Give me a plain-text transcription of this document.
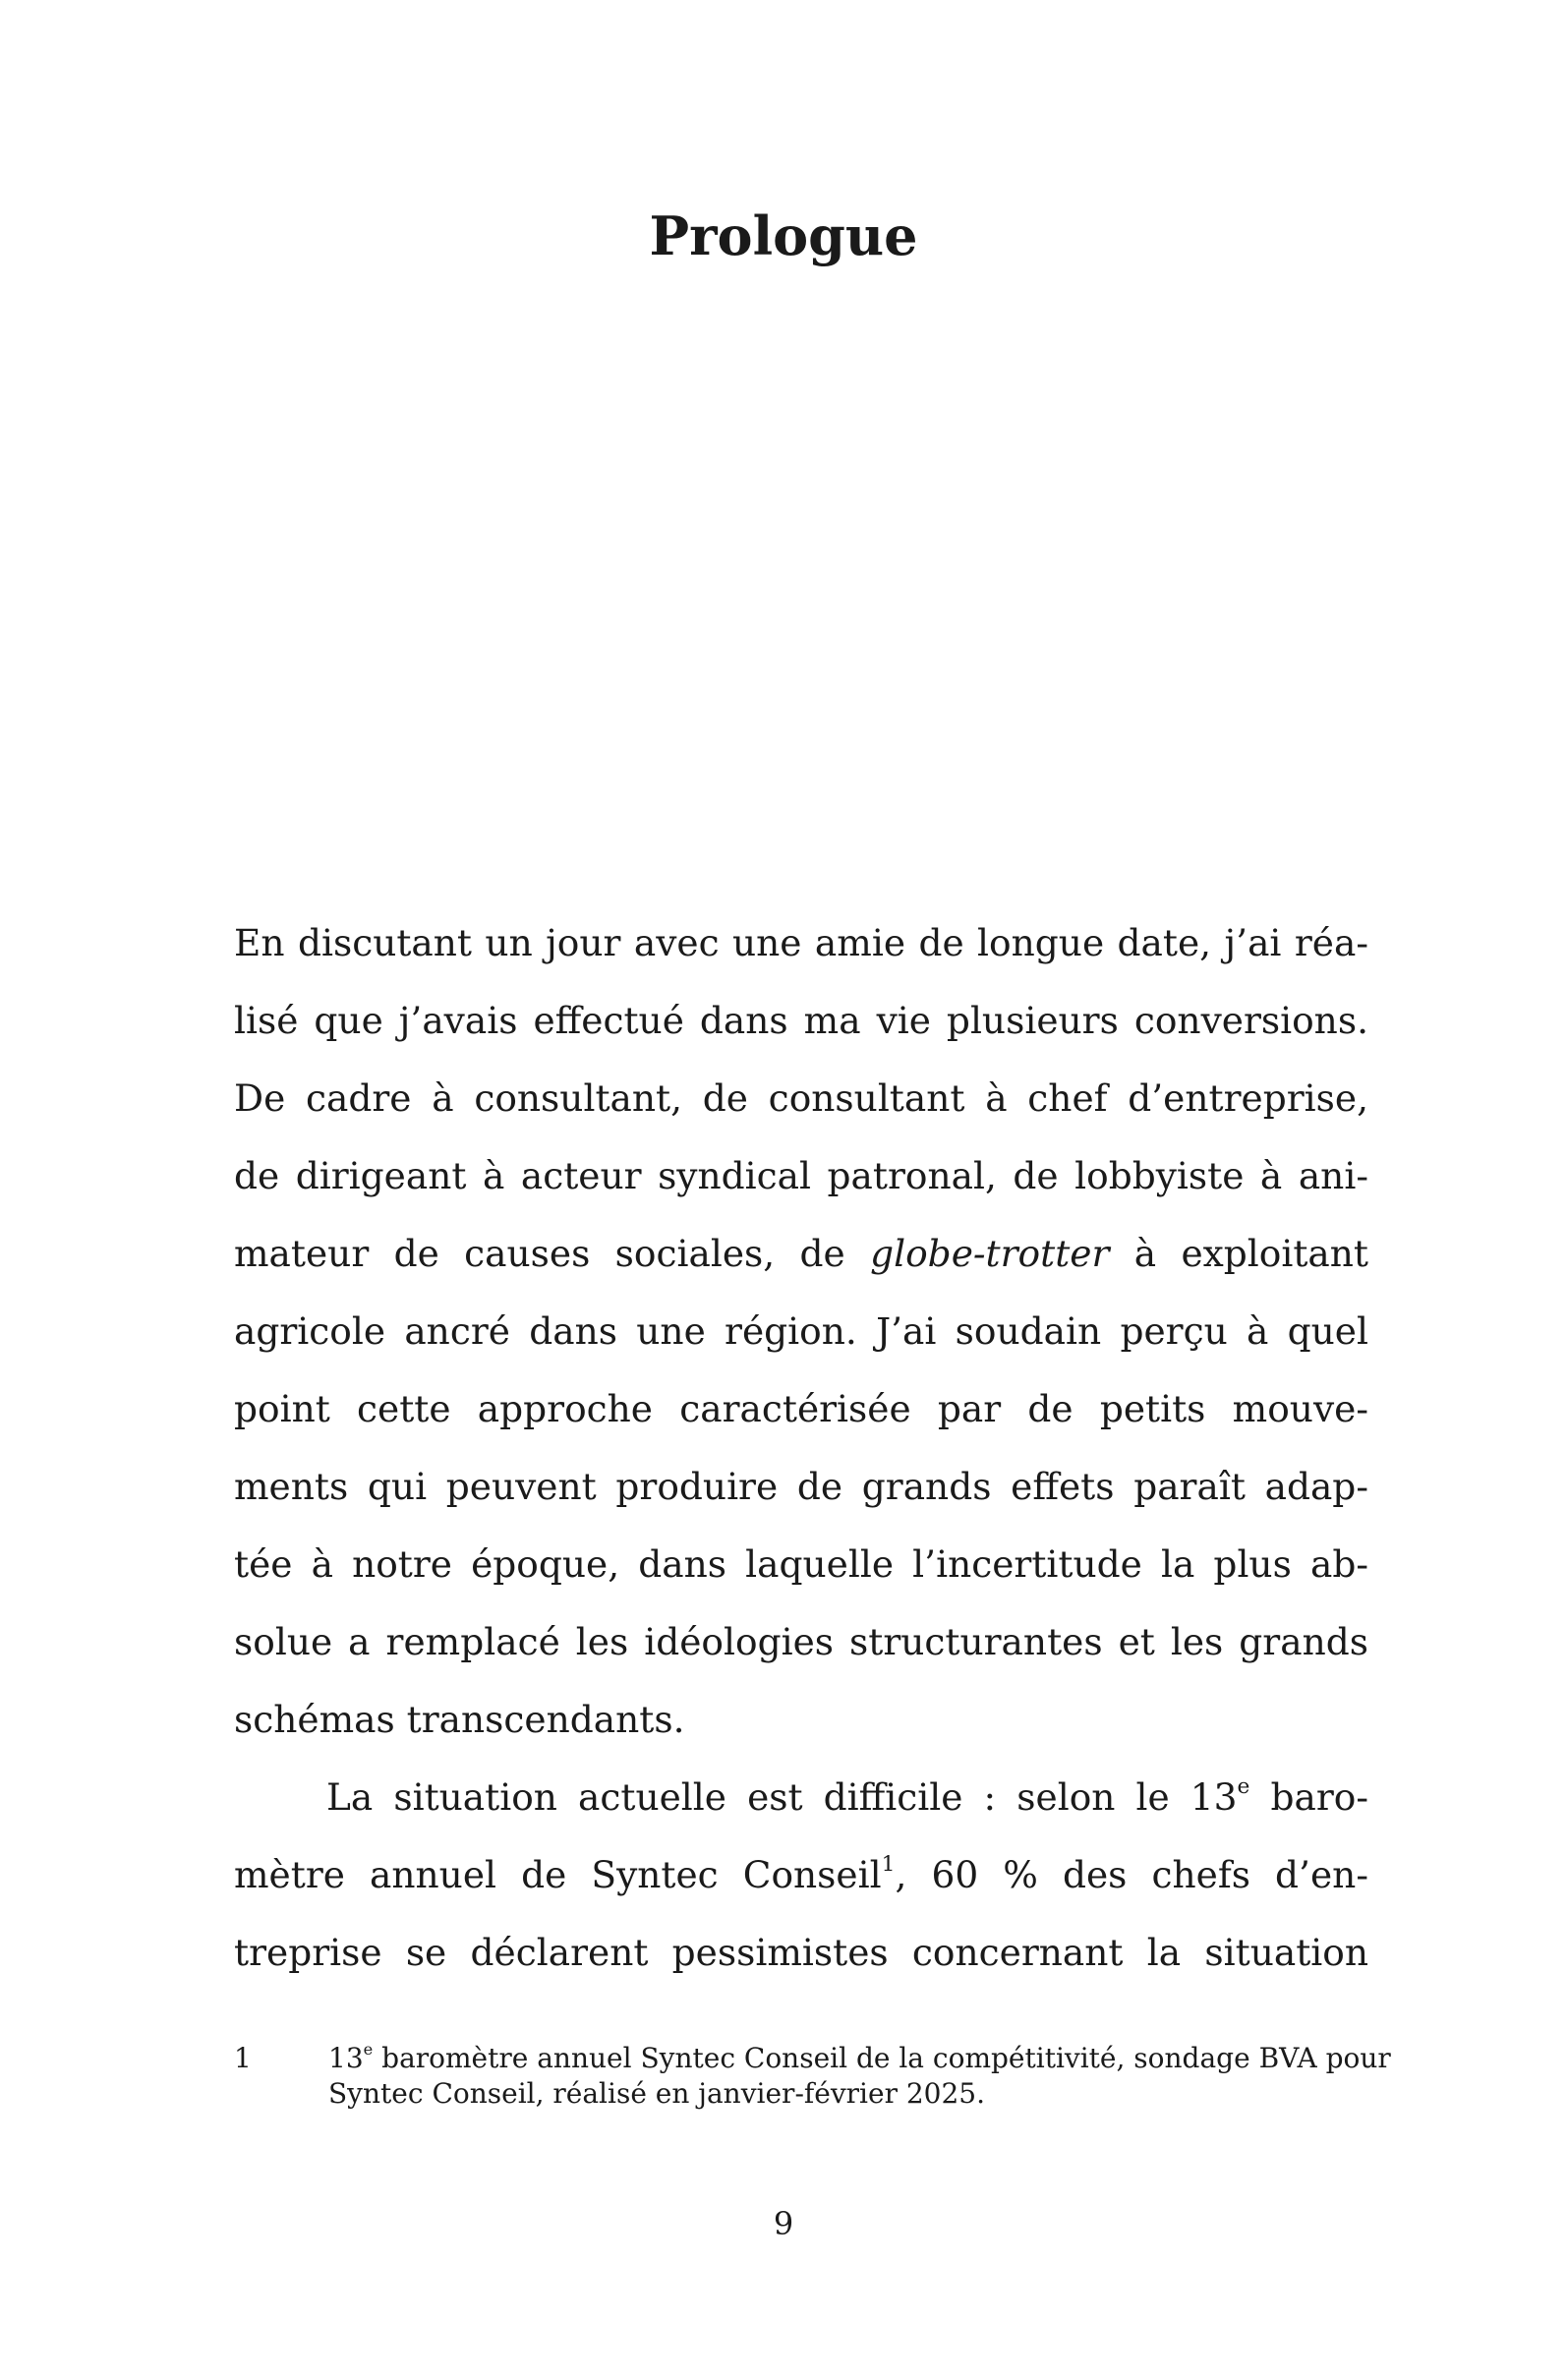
Prologue

En discutant un jour avec une amie de longue date, j’ai réa-
lisé que j’avais effectué dans ma vie plusieurs conversions.
De cadre à consultant, de consultant à chef d’entreprise,
de dirigeant à acteur syndical patronal, de lobbyiste à ani-
mateur de causes sociales, de globe-trotter à exploitant
agricole ancré dans une région. J’ai soudain perçu à quel
point cette approche caractérisée par de petits mouve-
ments qui peuvent produire de grands effets paraît adap-
tée à notre époque, dans laquelle l’incertitude la plus ab-
solue a remplacé les idéologies structurantes et les grands
schémas transcendants.

La situation actuelle est difficile : selon le 13e baro-
mètre annuel de Syntec Conseil$^1$, 60 % des chefs d’en-
treprise se déclarent pessimistes concernant la situation

1	13e baromètre annuel Syntec Conseil de la compétitivité, sondage BVA pour
Syntec Conseil, réalisé en janvier-février 2025.
9
